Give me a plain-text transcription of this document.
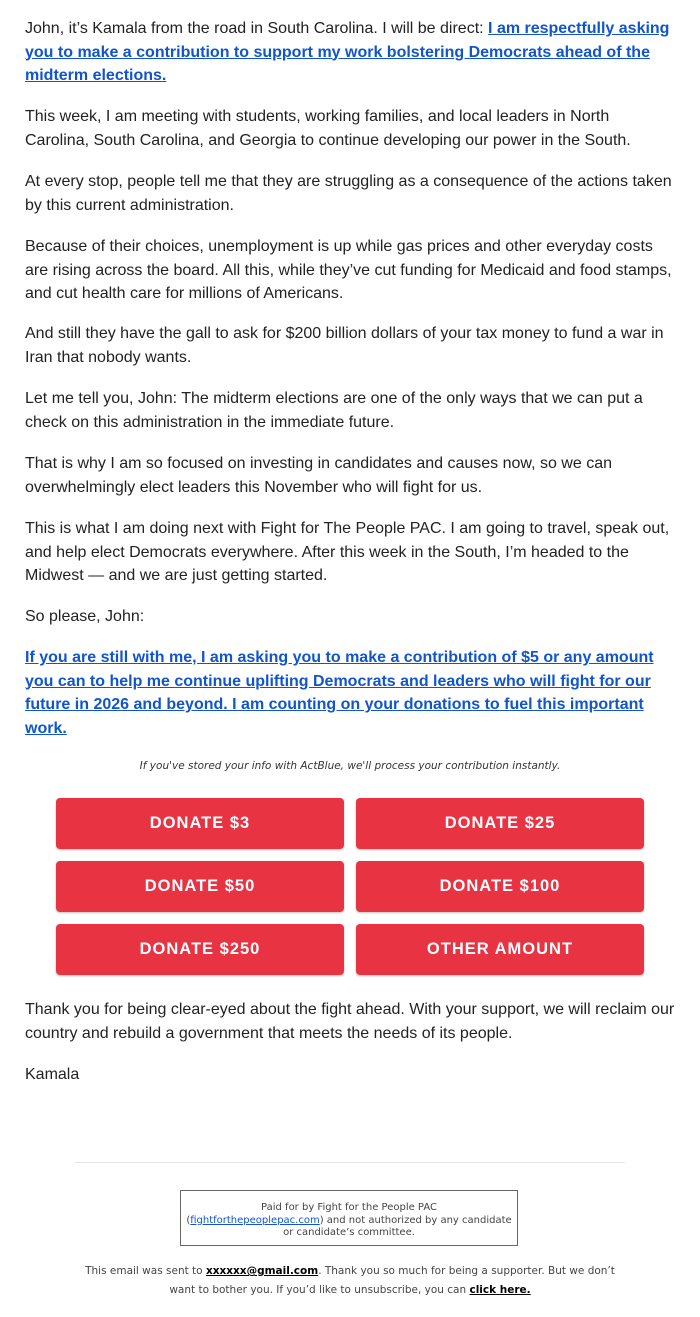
John, it’s Kamala from the road in South Carolina. I will be direct: I am respectfully asking you to make a contribution to support my work bolstering Democrats ahead of the midterm elections.

This week, I am meeting with students, working families, and local leaders in North Carolina, South Carolina, and Georgia to continue developing our power in the South.

At every stop, people tell me that they are struggling as a consequence of the actions taken by this current administration.

Because of their choices, unemployment is up while gas prices and other everyday costs are rising across the board. All this, while they’ve cut funding for Medicaid and food stamps, and cut health care for millions of Americans.

And still they have the gall to ask for $200 billion dollars of your tax money to fund a war in Iran that nobody wants.

Let me tell you, John: The midterm elections are one of the only ways that we can put a check on this administration in the immediate future.

That is why I am so focused on investing in candidates and causes now, so we can overwhelmingly elect leaders this November who will fight for us.

This is what I am doing next with Fight for The People PAC. I am going to travel, speak out, and help elect Democrats everywhere. After this week in the South, I’m headed to the Midwest — and we are just getting started.

So please, John:

If you are still with me, I am asking you to make a contribution of $5 or any amount you can to help me continue uplifting Democrats and leaders who will fight for our future in 2026 and beyond. I am counting on your donations to fuel this important work.

Thank you for being clear-eyed about the fight ahead. With your support, we will reclaim our country and rebuild a government that meets the needs of its people.

Kamala

If you've stored your info with ActBlue, we'll process your contribution instantly.
DONATE $3	DONATE $25
DONATE $50	DONATE $100
DONATE $250	OTHER AMOUNT
Paid for by Fight for the People PAC
(fightforthepeoplepac.com) and not authorized by any candidate or candidate’s committee.
This email was sent to xxxxxx@gmail.com. Thank you so much for being a supporter. But we don’t want to bother you. If you’d like to unsubscribe, you can click here.
